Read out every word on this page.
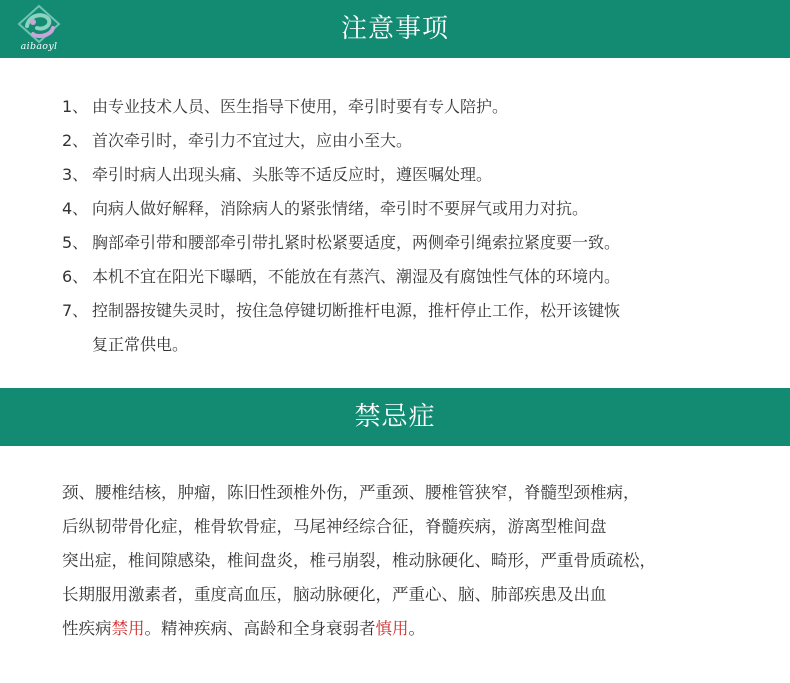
注意事项
aibaoyl
1、 由专业技术人员、医生指导下使用，牵引时要有专人陪护。
2、 首次牵引时，牵引力不宜过大，应由小至大。
3、 牵引时病人出现头痛、头胀等不适反应时，遵医嘱处理。
4、 向病人做好解释，消除病人的紧张情绪，牵引时不要屏气或用力对抗。
5、 胸部牵引带和腰部牵引带扎紧时松紧要适度，两侧牵引绳索拉紧度要一致。
6、 本机不宜在阳光下曝晒，不能放在有蒸汽、潮湿及有腐蚀性气体的环境内。
7、 控制器按键失灵时，按住急停键切断推杆电源，推杆停止工作，松开该键恢
复正常供电。
禁忌症
颈、腰椎结核，肿瘤，陈旧性颈椎外伤，严重颈、腰椎管狭窄，脊髓型颈椎病，
后纵韧带骨化症，椎骨软骨症，马尾神经综合征，脊髓疾病，游离型椎间盘
突出症，椎间隙感染，椎间盘炎，椎弓崩裂，椎动脉硬化、畸形，严重骨质疏松，
长期服用激素者，重度高血压，脑动脉硬化，严重心、脑、肺部疾患及出血
性疾病禁用。精神疾病、高龄和全身衰弱者慎用。
